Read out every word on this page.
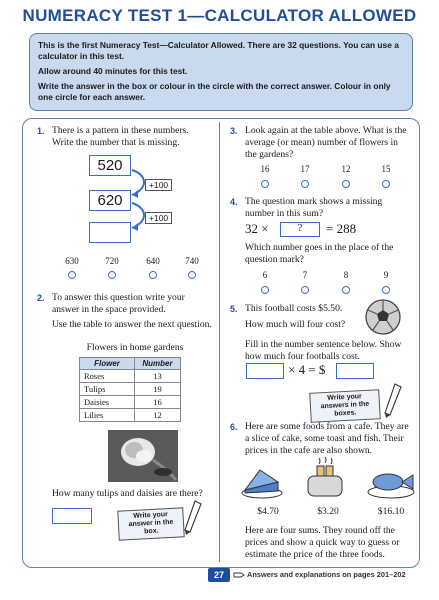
NUMERACY TEST 1—CALCULATOR ALLOWED

This is the first Numeracy Test—Calculator Allowed. There are 32 questions. You can use a calculator in this test.

Allow around 40 minutes for this test.

Write the answer in the box or colour in the circle with the correct answer. Colour in only one circle for each answer.

1. There is a pattern in these numbers. Write the number that is missing.
520
620
+100
+100
630	720	640	740
2. To answer this question write your answer in the space provided.
Use the table to answer the next question.
Flowers in home gardens
Flower	Number
Roses	13
Tulips	19
Daisies	16
Lilies	12
How many tulips and daisies are there?
Write your answer in the box.
3. Look again at the table above. What is the average (or mean) number of flowers in the gardens?
16	17	12	15
4. The question mark shows a missing number in this sum?
32 ×	?	= 288
Which number goes in the place of the question mark?
6	7	8	9
5. This football costs $5.50.
How much will four cost?
Fill in the number sentence below. Show how much four footballs cost.
× 4 = $
Write your answers in the boxes.
6. Here are some foods from a cafe. They are a slice of cake, some toast and fish. Their prices in the cafe are also shown.
$4.70	$3.20	$16.10
Here are four sums. They round off the prices and show a quick way to guess or estimate the price of the three foods.
27	Answers and explanations on pages 201–202
